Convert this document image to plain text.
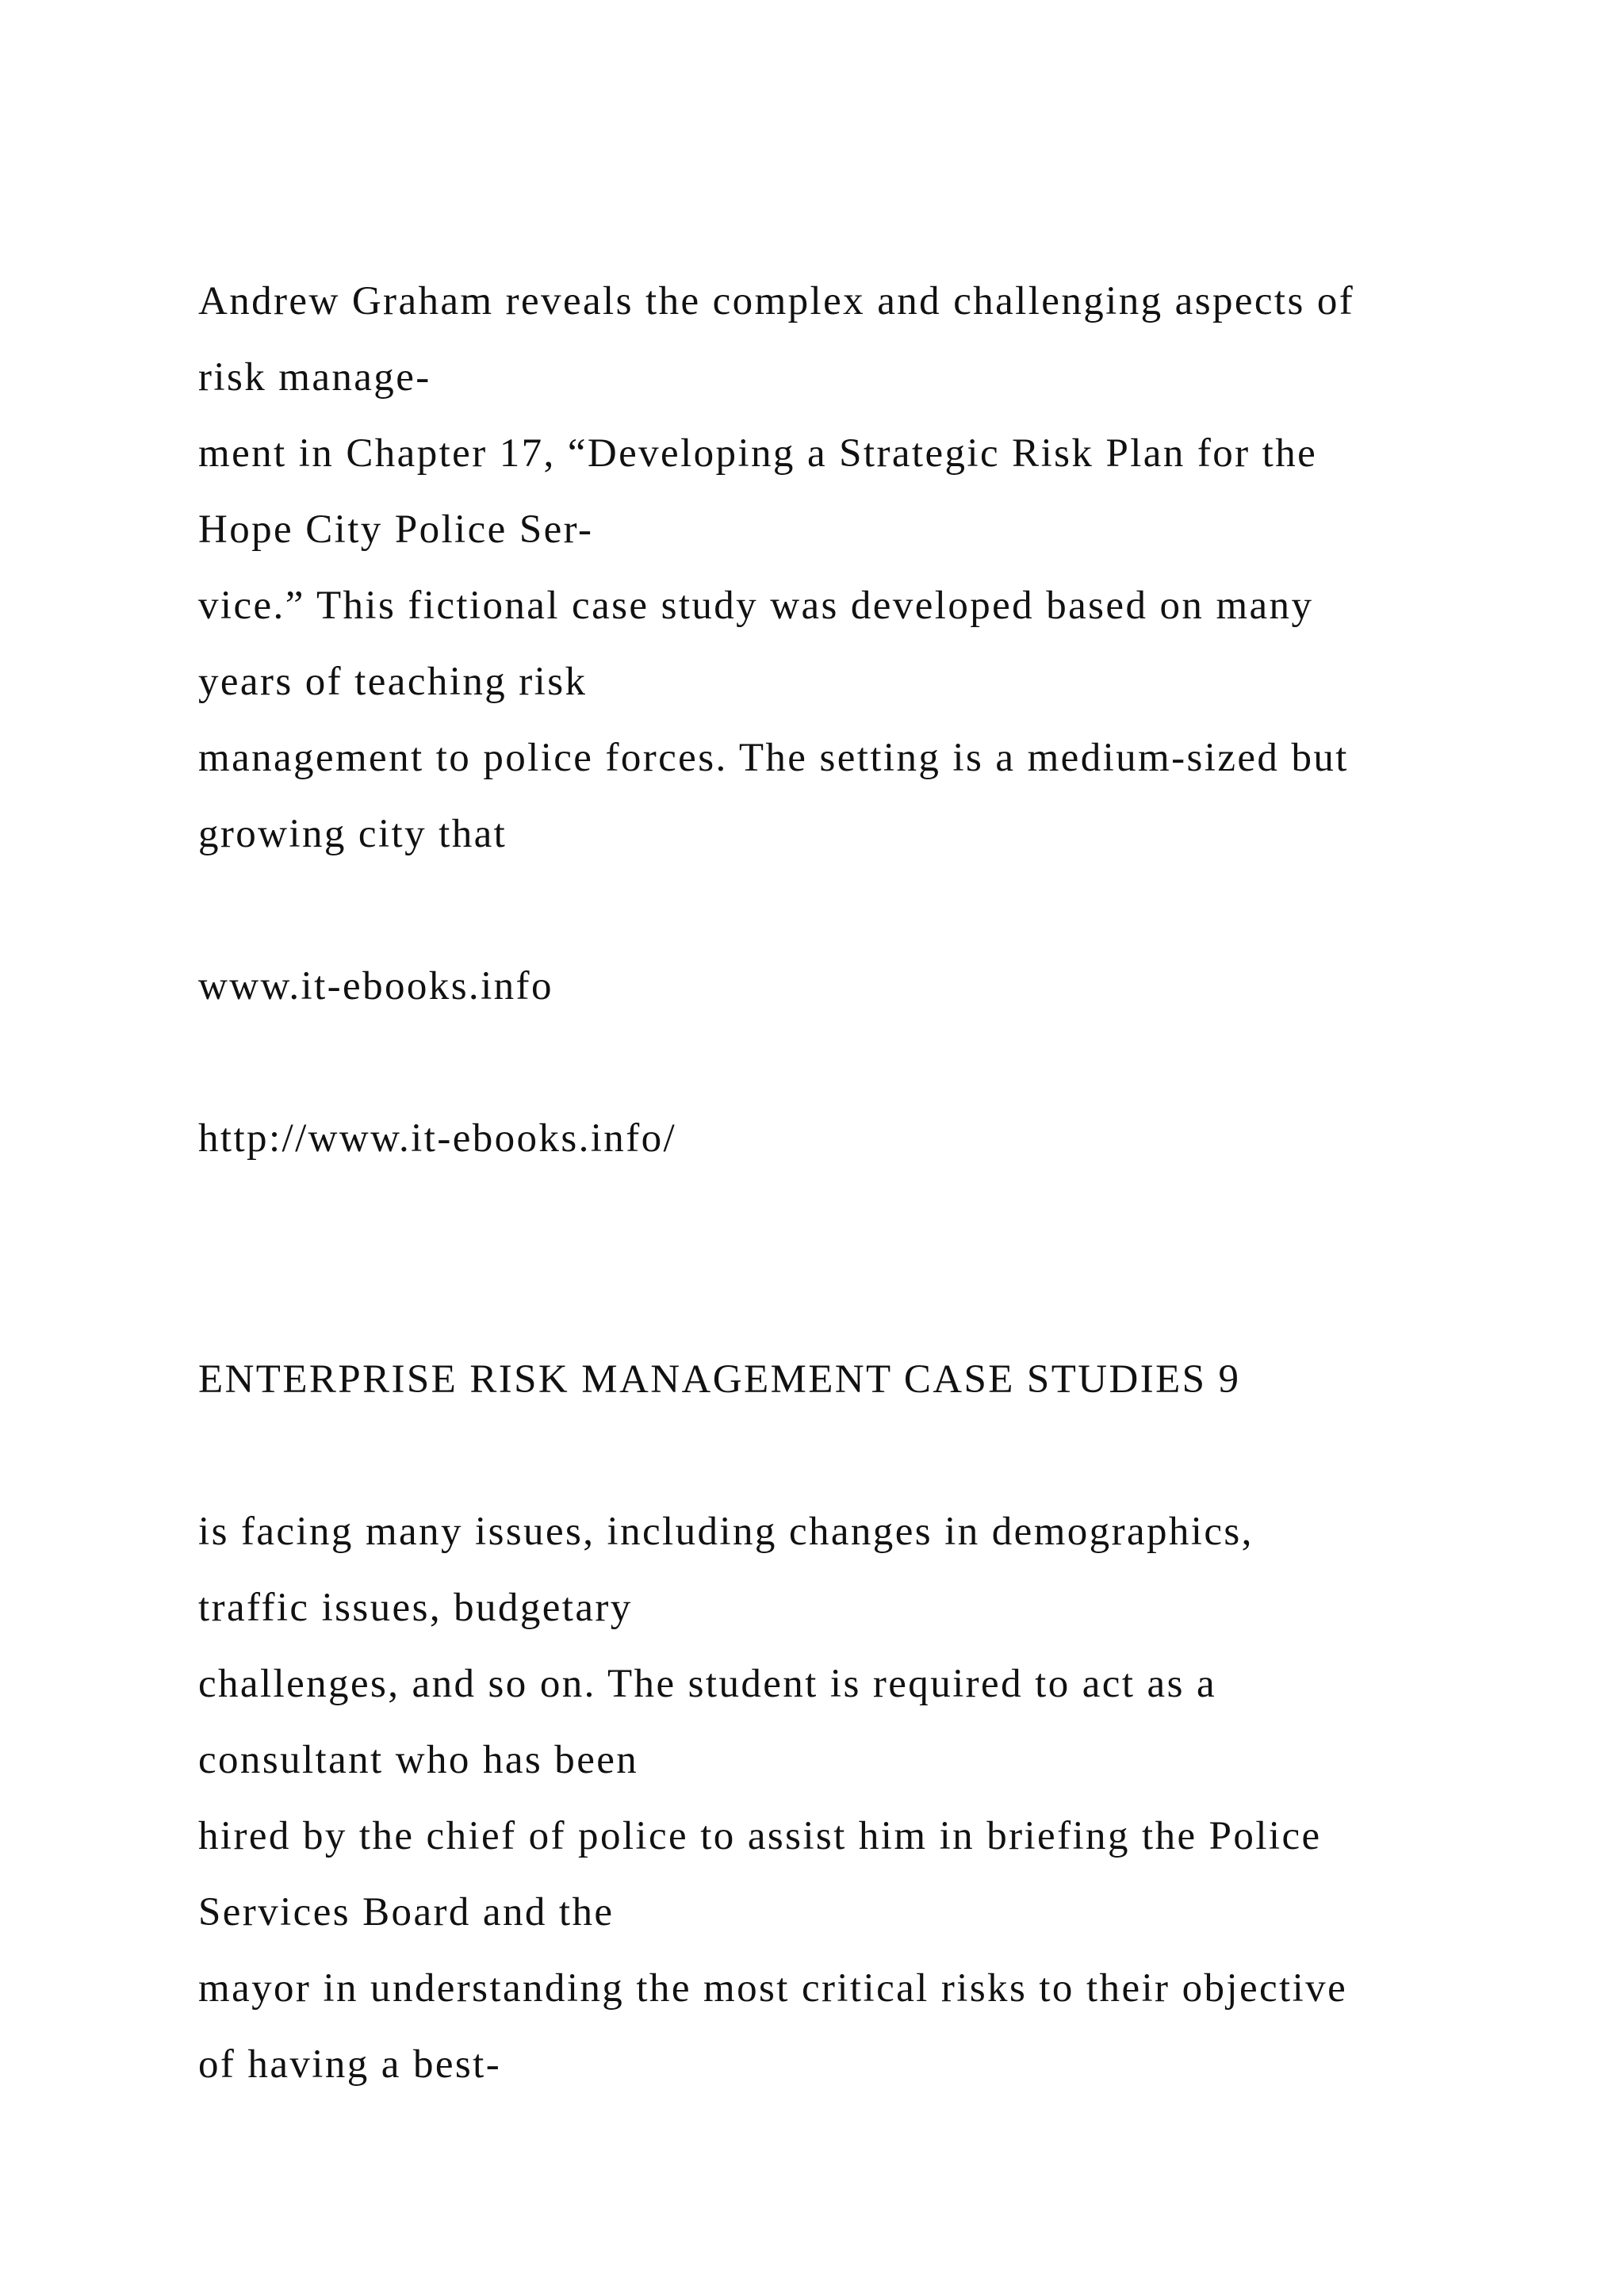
Andrew Graham reveals the complex and challenging aspects of
risk manage-
ment in Chapter 17, “Developing a Strategic Risk Plan for the
Hope City Police Ser-
vice.” This fictional case study was developed based on many
years of teaching risk
management to police forces. The setting is a medium-sized but
growing city that
www.it-ebooks.info
http://www.it-ebooks.info/
ENTERPRISE RISK MANAGEMENT CASE STUDIES 9
is facing many issues, including changes in demographics,
traffic issues, budgetary
challenges, and so on. The student is required to act as a
consultant who has been
hired by the chief of police to assist him in briefing the Police
Services Board and the
mayor in understanding the most critical risks to their objective
of having a best-
